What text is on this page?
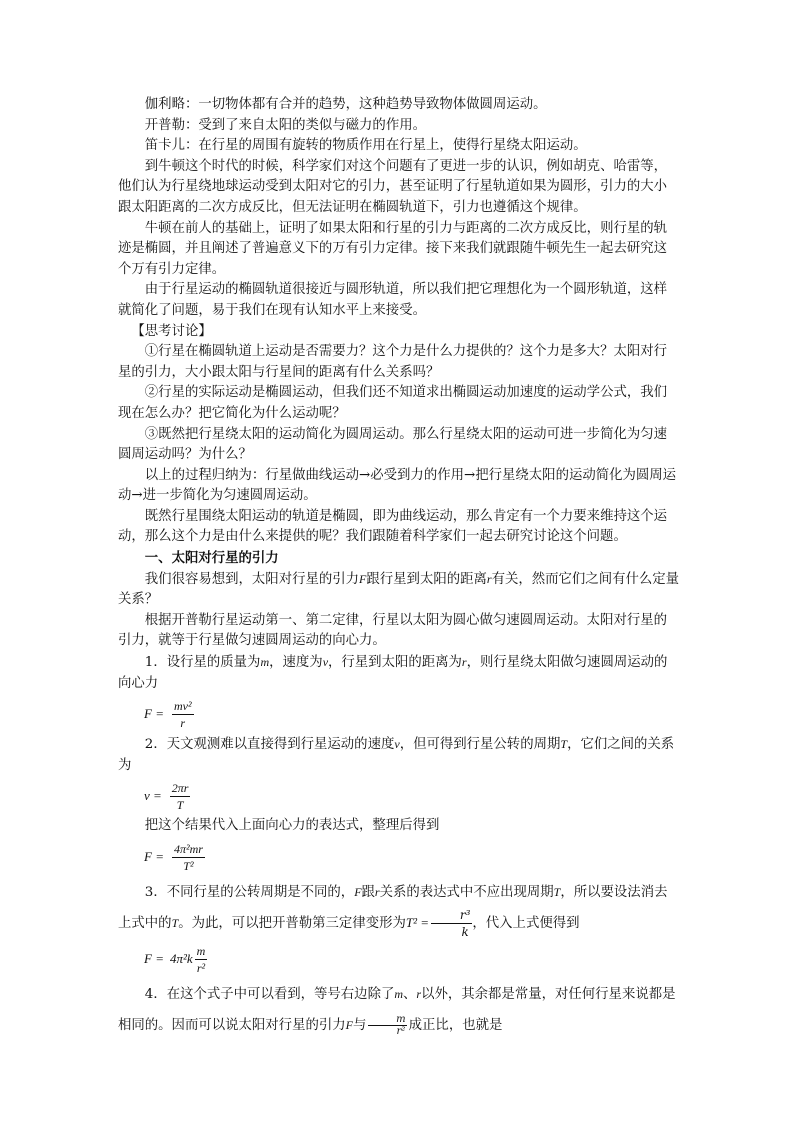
伽利略：一切物体都有合并的趋势，这种趋势导致物体做圆周运动。

开普勒：受到了来自太阳的类似与磁力的作用。

笛卡儿：在行星的周围有旋转的物质作用在行星上，使得行星绕太阳运动。

到牛顿这个时代的时候，科学家们对这个问题有了更进一步的认识，例如胡克、哈雷等，他们认为行星绕地球运动受到太阳对它的引力，甚至证明了行星轨道如果为圆形，引力的大小跟太阳距离的二次方成反比，但无法证明在椭圆轨道下，引力也遵循这个规律。

牛顿在前人的基础上，证明了如果太阳和行星的引力与距离的二次方成反比，则行星的轨迹是椭圆，并且阐述了普遍意义下的万有引力定律。接下来我们就跟随牛顿先生一起去研究这个万有引力定律。

由于行星运动的椭圆轨道很接近与圆形轨道，所以我们把它理想化为一个圆形轨道，这样就简化了问题，易于我们在现有认知水平上来接受。

【思考讨论】

①行星在椭圆轨道上运动是否需要力？这个力是什么力提供的？这个力是多大？太阳对行星的引力，大小跟太阳与行星间的距离有什么关系吗？

②行星的实际运动是椭圆运动，但我们还不知道求出椭圆运动加速度的运动学公式，我们现在怎么办？把它简化为什么运动呢？

③既然把行星绕太阳的运动简化为圆周运动。那么行星绕太阳的运动可进一步简化为匀速圆周运动吗？为什么？

以上的过程归纳为：行星做曲线运动→必受到力的作用→把行星绕太阳的运动简化为圆周运动→进一步简化为匀速圆周运动。

既然行星围绕太阳运动的轨道是椭圆，即为曲线运动，那么肯定有一个力要来维持这个运动，那么这个力是由什么来提供的呢？我们跟随着科学家们一起去研究讨论这个问题。

一、太阳对行星的引力

我们很容易想到，太阳对行星的引力F跟行星到太阳的距离r有关，然而它们之间有什么定量关系？

根据开普勒行星运动第一、第二定律，行星以太阳为圆心做匀速圆周运动。太阳对行星的引力，就等于行星做匀速圆周运动的向心力。

1．设行星的质量为m，速度为v，行星到太阳的距离为r，则行星绕太阳做匀速圆周运动的向心力

$F = \frac{\text{mv²}}{r}$

2．天文观测难以直接得到行星运动的速度v，但可得到行星公转的周期T，它们之间的关系为

$v = \frac{2\pi r}{T}$

把这个结果代入上面向心力的表达式，整理后得到

$F = \frac{\text{4π²mr}}{\text{T²}}$

3．不同行星的公转周期是不同的，F跟r关系的表达式中不应出现周期T，所以要设法消去上式中的T。为此，可以把开普勒第三定律变形为$T^2 = \frac{\text{r³}}{k}$ ，代入上式便得到

$F = 4\pi^2k \frac{m}{\text{r²}}$

4．在这个式子中可以看到，等号右边除了m、r以外，其余都是常量，对任何行星来说都是相同的。因而可以说太阳对行星的引力F与 $\frac{m}{\text{r²}}$ 成正比，也就是
